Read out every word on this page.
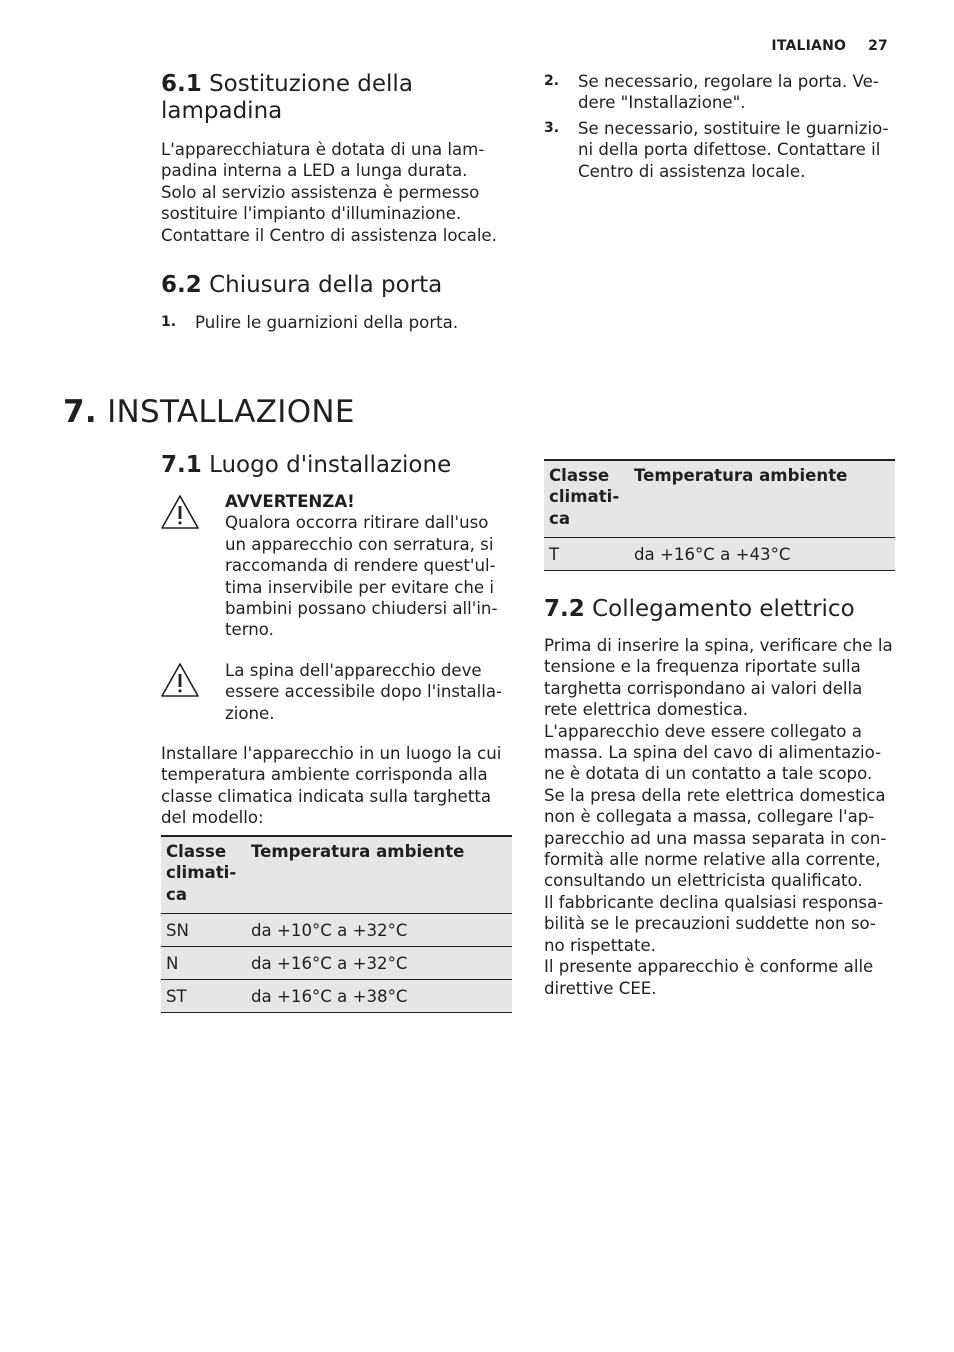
ITALIANO 27
6.1 Sostituzione della
lampadina
L'apparecchiatura è dotata di una lam-
padina interna a LED a lunga durata.
Solo al servizio assistenza è permesso
sostituire l'impianto d'illuminazione.
Contattare il Centro di assistenza locale.
6.2 Chiusura della porta
1. Pulire le guarnizioni della porta.
2. Se necessario, regolare la porta. Ve-
dere "Installazione".
3. Se necessario, sostituire le guarnizio-
ni della porta difettose. Contattare il
Centro di assistenza locale.
7. INSTALLAZIONE
7.1 Luogo d'installazione
AVVERTENZA!
Qualora occorra ritirare dall'uso
un apparecchio con serratura, si
raccomanda di rendere quest'ul-
tima inservibile per evitare che i
bambini possano chiudersi all'in-
terno.
La spina dell'apparecchio deve
essere accessibile dopo l'installa-
zione.
Installare l'apparecchio in un luogo la cui
temperatura ambiente corrisponda alla
classe climatica indicata sulla targhetta
del modello:
Classe
climati-
ca	Temperatura ambiente

SN	da +10°C a +32°C
N	da +16°C a +32°C
ST	da +16°C a +38°C
Classe
climati-
ca	Temperatura ambiente

T	da +16°C a +43°C
7.2 Collegamento elettrico
Prima di inserire la spina, verificare che la
tensione e la frequenza riportate sulla
targhetta corrispondano ai valori della
rete elettrica domestica.
L'apparecchio deve essere collegato a
massa. La spina del cavo di alimentazio-
ne è dotata di un contatto a tale scopo.
Se la presa della rete elettrica domestica
non è collegata a massa, collegare l'ap-
parecchio ad una massa separata in con-
formità alle norme relative alla corrente,
consultando un elettricista qualificato.
Il fabbricante declina qualsiasi responsa-
bilità se le precauzioni suddette non so-
no rispettate.
Il presente apparecchio è conforme alle
direttive CEE.
